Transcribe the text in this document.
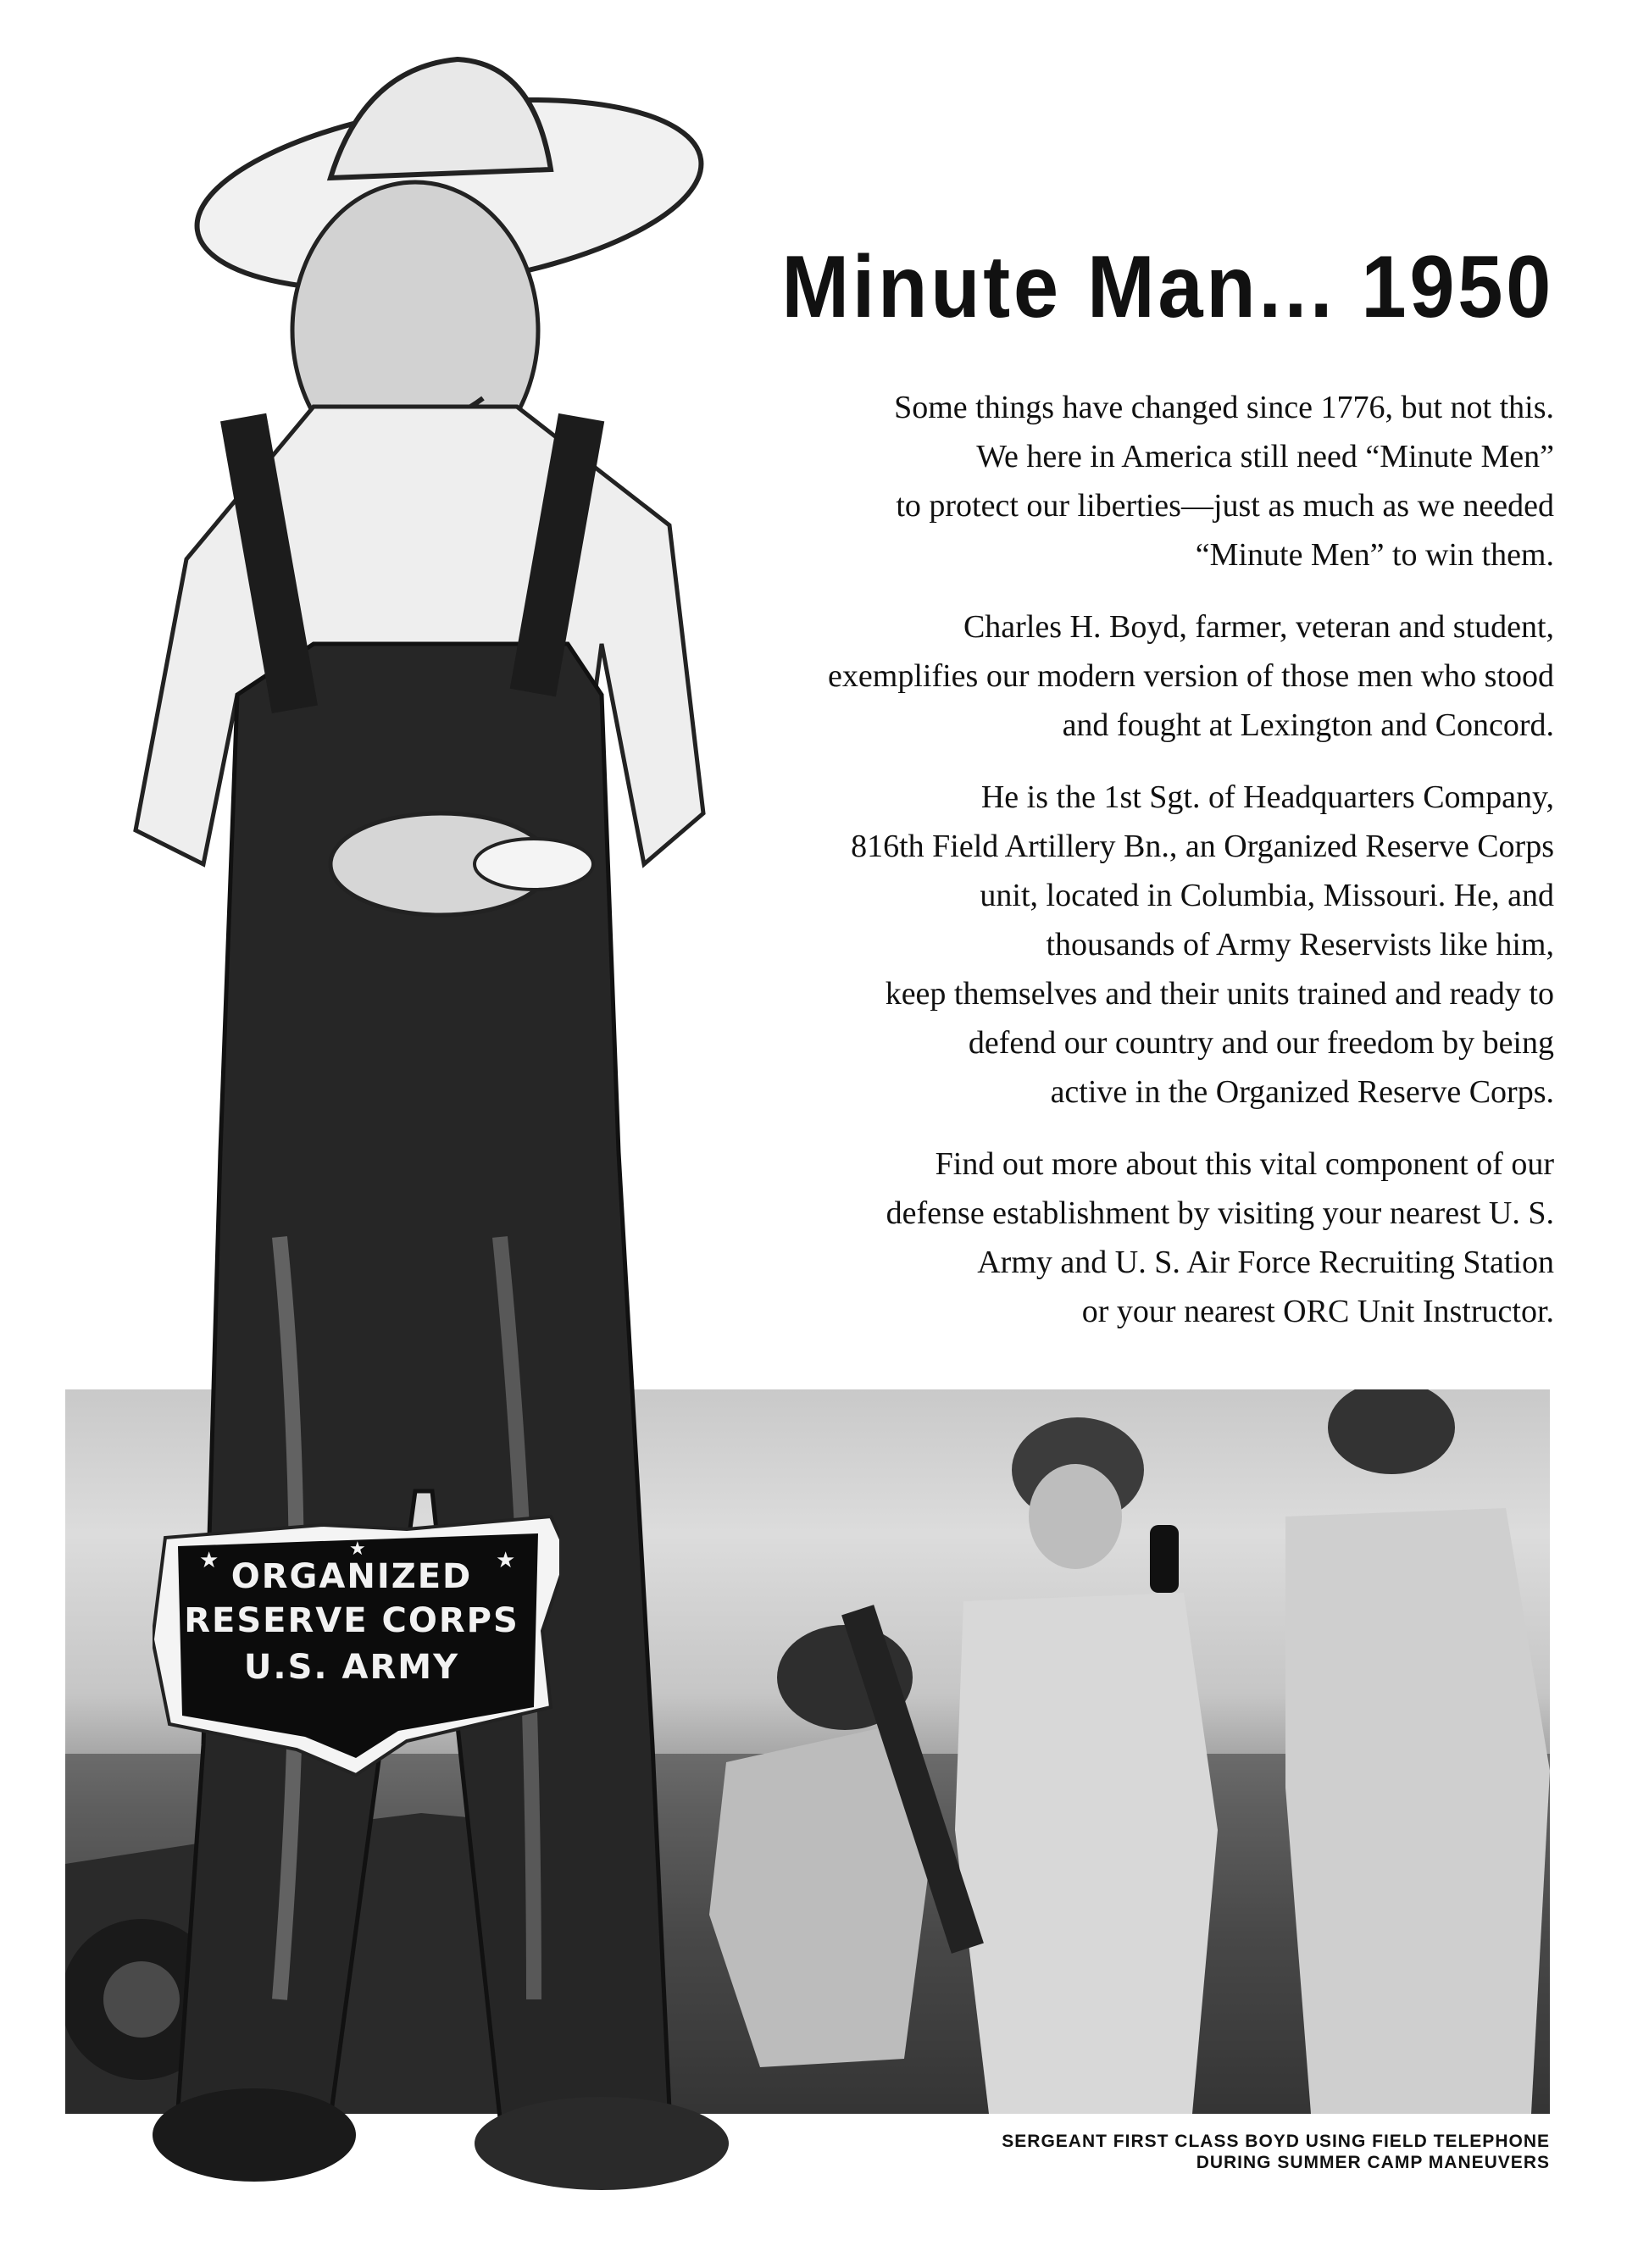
★	★
★
ORGANIZED
RESERVE CORPS
U.S. ARMY
Minute Man... 1950

Some things have changed since 1776, but not this.
We here in America still need “Minute Men”
to protect our liberties—just as much as we needed
“Minute Men” to win them.

Charles H. Boyd, farmer, veteran and student,
exemplifies our modern version of those men who stood
and fought at Lexington and Concord.

He is the 1st Sgt. of Headquarters Company,
816th Field Artillery Bn., an Organized Reserve Corps
unit, located in Columbia, Missouri. He, and
thousands of Army Reservists like him,
keep themselves and their units trained and ready to
defend our country and our freedom by being
active in the Organized Reserve Corps.

Find out more about this vital component of our
defense establishment by visiting your nearest U. S.
Army and U. S. Air Force Recruiting Station
or your nearest ORC Unit Instructor.

SERGEANT FIRST CLASS BOYD USING FIELD TELEPHONE
DURING SUMMER CAMP MANEUVERS
